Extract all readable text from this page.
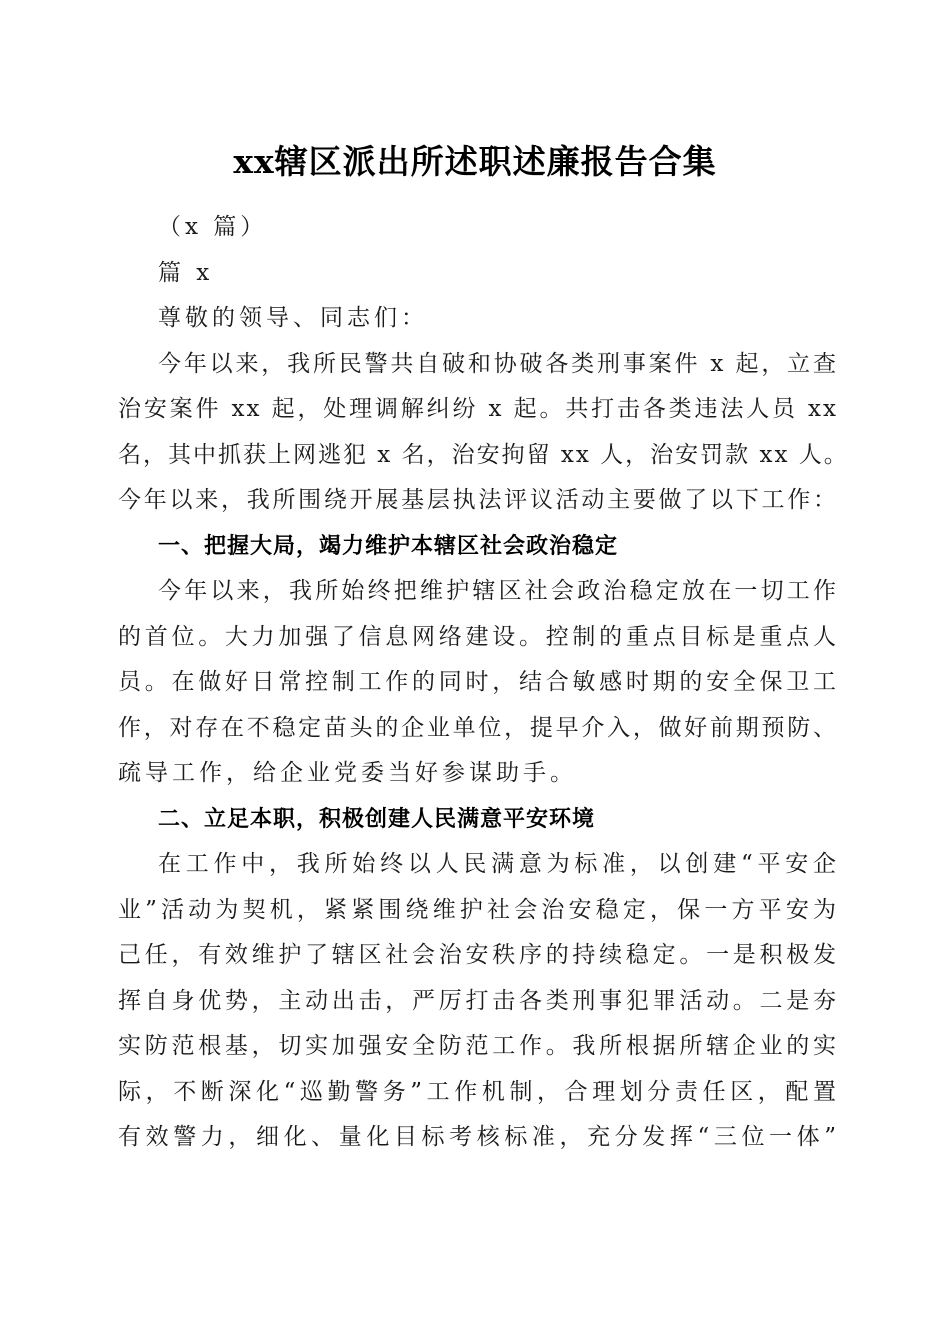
xx辖区派出所述职述廉报告合集
（x 篇）
篇 x
尊敬的领导、同志们：
今年以来，我所民警共自破和协破各类刑事案件 x 起，立查
治安案件 xx 起，处理调解纠纷 x 起。共打击各类违法人员 xx
名，其中抓获上网逃犯 x 名，治安拘留 xx 人，治安罚款 xx 人。
今年以来，我所围绕开展基层执法评议活动主要做了以下工作：
一、把握大局，竭力维护本辖区社会政治稳定
今年以来，我所始终把维护辖区社会政治稳定放在一切工作
的首位。大力加强了信息网络建设。控制的重点目标是重点人
员。在做好日常控制工作的同时，结合敏感时期的安全保卫工
作，对存在不稳定苗头的企业单位，提早介入，做好前期预防、
疏导工作，给企业党委当好参谋助手。
二、立足本职，积极创建人民满意平安环境
在工作中，我所始终以人民满意为标准，以创建“平安企
业”活动为契机，紧紧围绕维护社会治安稳定，保一方平安为
己任，有效维护了辖区社会治安秩序的持续稳定。一是积极发
挥自身优势，主动出击，严厉打击各类刑事犯罪活动。二是夯
实防范根基，切实加强安全防范工作。我所根据所辖企业的实
际，不断深化“巡勤警务”工作机制，合理划分责任区，配置
有效警力，细化、量化目标考核标准，充分发挥“三位一体”
